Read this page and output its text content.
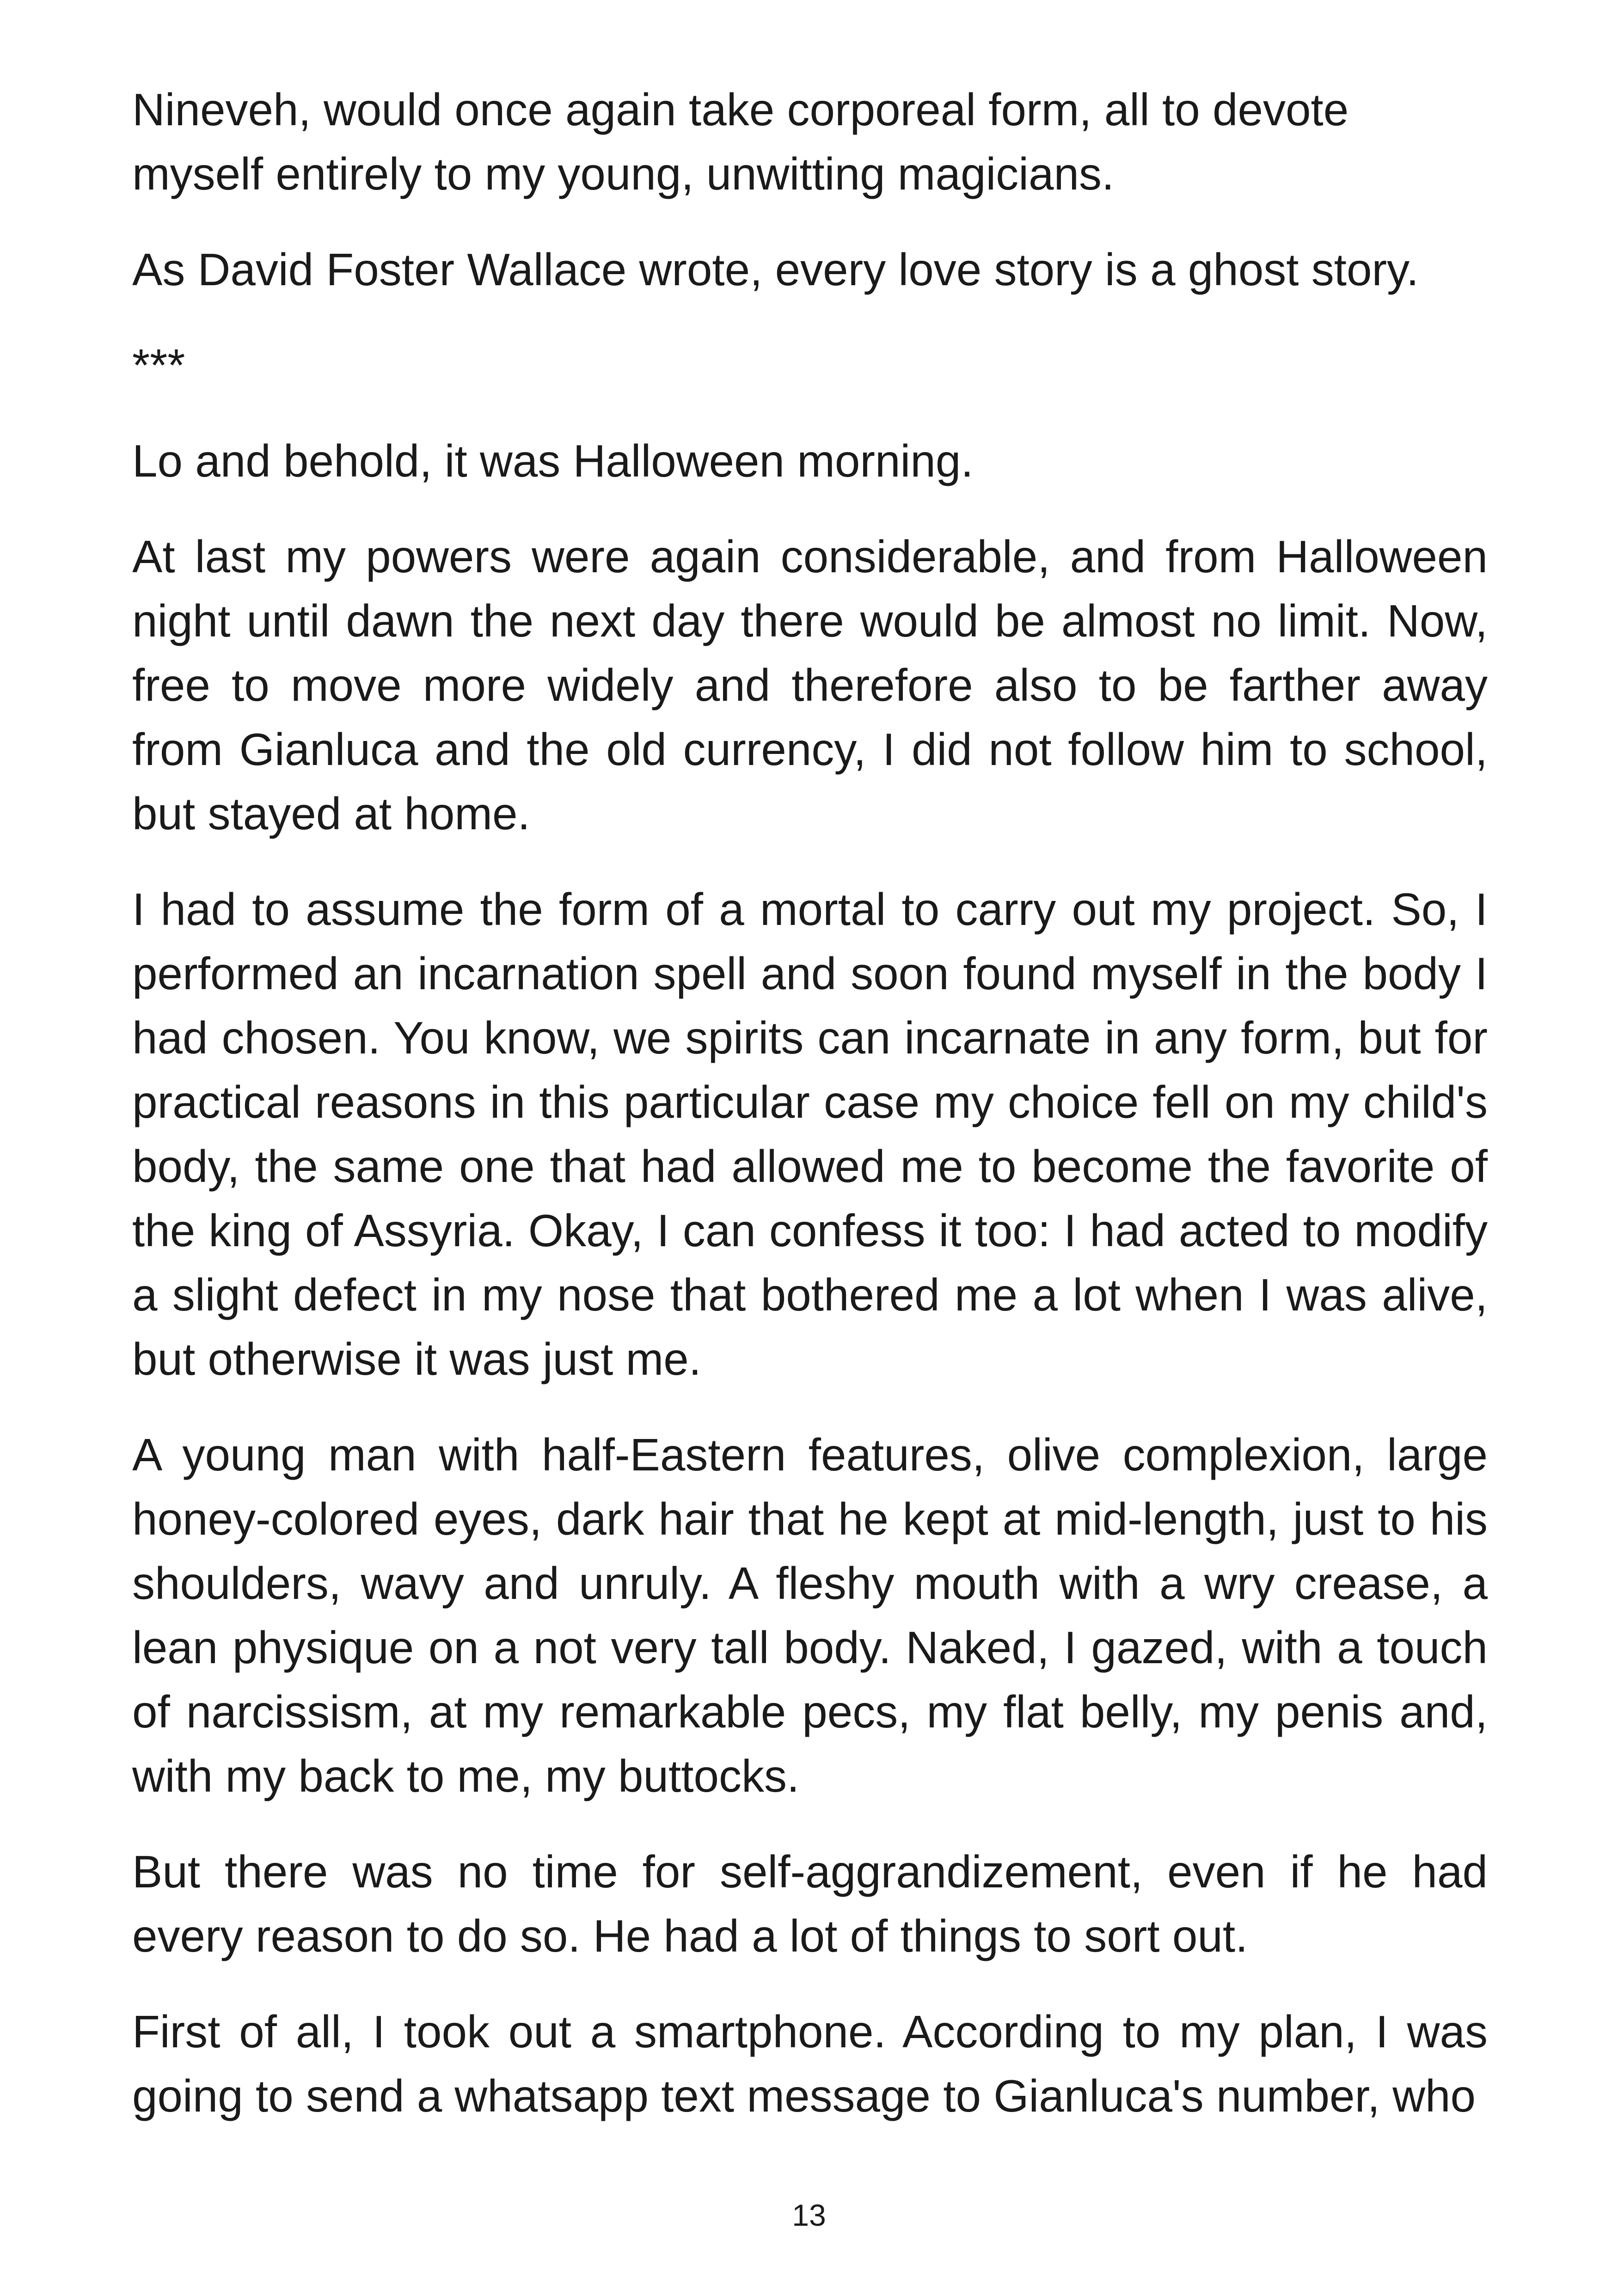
Nineveh, would once again take corporeal form, all to devote myself entirely to my young, unwitting magicians.

As David Foster Wallace wrote, every love story is a ghost story.

***

Lo and behold, it was Halloween morning.

At last my powers were again considerable, and from Halloween night until dawn the next day there would be almost no limit. Now, free to move more widely and therefore also to be farther away from Gianluca and the old currency, I did not follow him to school, but stayed at home.

I had to assume the form of a mortal to carry out my project. So, I performed an incarnation spell and soon found myself in the body I had chosen. You know, we spirits can incarnate in any form, but for practical reasons in this particular case my choice fell on my child's body, the same one that had allowed me to become the favorite of the king of Assyria. Okay, I can confess it too: I had acted to modify a slight defect in my nose that bothered me a lot when I was alive, but otherwise it was just me.

A young man with half-Eastern features, olive complexion, large honey-colored eyes, dark hair that he kept at mid-length, just to his shoulders, wavy and unruly. A fleshy mouth with a wry crease, a lean physique on a not very tall body. Naked, I gazed, with a touch of narcissism, at my remarkable pecs, my flat belly, my penis and, with my back to me, my buttocks.

But there was no time for self-aggrandizement, even if he had every reason to do so. He had a lot of things to sort out.

First of all, I took out a smartphone. According to my plan, I was going to send a whatsapp text message to Gianluca's number, who

13
